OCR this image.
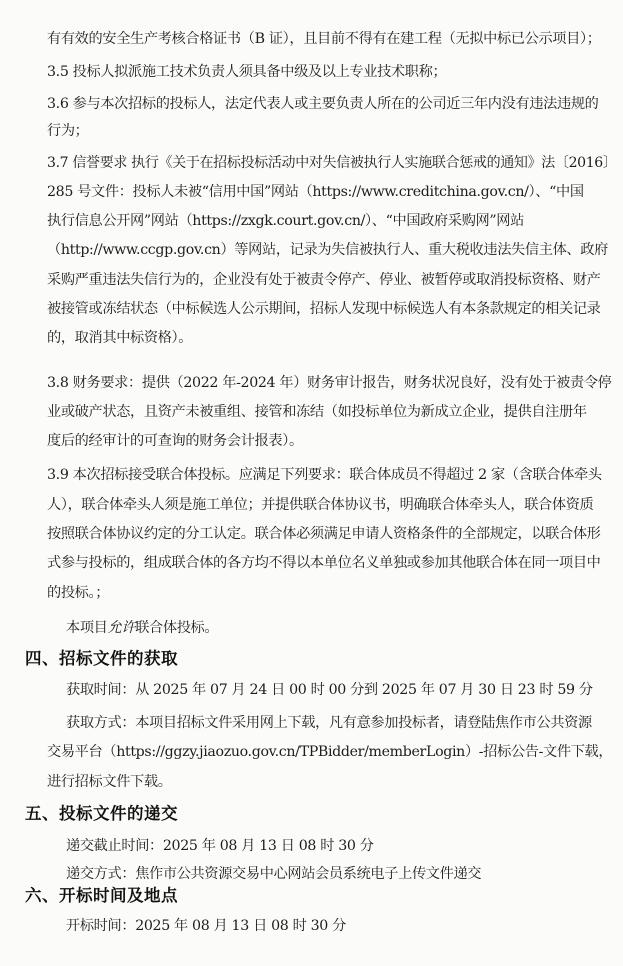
有有效的安全生产考核合格证书（B 证），且目前不得有在建工程（无拟中标已公示项目）；
3.5 投标人拟派施工技术负责人须具备中级及以上专业技术职称；
3.6 参与本次招标的投标人，法定代表人或主要负责人所在的公司近三年内没有违法违规的
行为；
3.7 信誉要求 执行《关于在招标投标活动中对失信被执行人实施联合惩戒的通知》法〔2016〕
285 号文件：投标人未被“信用中国”网站（https://www.creditchina.gov.cn/）、“中国
执行信息公开网”网站（https://zxgk.court.gov.cn/）、“中国政府采购网”网站
（http://www.ccgp.gov.cn）等网站，记录为失信被执行人、重大税收违法失信主体、政府
采购严重违法失信行为的，企业没有处于被责令停产、停业、被暂停或取消投标资格、财产
被接管或冻结状态（中标候选人公示期间，招标人发现中标候选人有本条款规定的相关记录
的，取消其中标资格）。
3.8 财务要求：提供（2022 年-2024 年）财务审计报告，财务状况良好，没有处于被责令停
业或破产状态，且资产未被重组、接管和冻结（如投标单位为新成立企业，提供自注册年
度后的经审计的可查询的财务会计报表）。
3.9 本次招标接受联合体投标。应满足下列要求：联合体成员不得超过 2 家（含联合体牵头
人），联合体牵头人须是施工单位；并提供联合体协议书，明确联合体牵头人，联合体资质
按照联合体协议约定的分工认定。联合体必须满足申请人资格条件的全部规定，以联合体形
式参与投标的，组成联合体的各方均不得以本单位名义单独或参加其他联合体在同一项目中
的投标。；
本项目允许联合体投标。
四、招标文件的获取
获取时间：从 2025 年 07 月 24 日 00 时 00 分到 2025 年 07 月 30 日 23 时 59 分
获取方式：本项目招标文件采用网上下载，凡有意参加投标者，请登陆焦作市公共资源
交易平台（https://ggzy.jiaozuo.gov.cn/TPBidder/memberLogin）-招标公告-文件下载，
进行招标文件下载。
五、投标文件的递交
递交截止时间：2025 年 08 月 13 日 08 时 30 分
递交方式：焦作市公共资源交易中心网站会员系统电子上传文件递交
六、开标时间及地点
开标时间：2025 年 08 月 13 日 08 时 30 分
